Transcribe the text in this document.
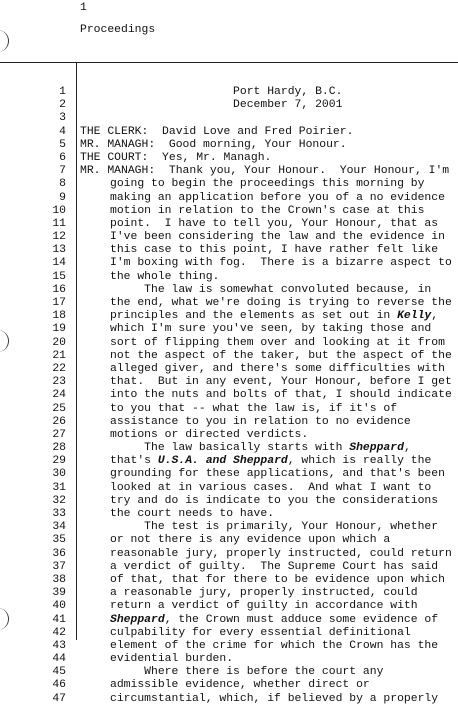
1
Proceedings
1	Port Hardy, B.C.
2	December 7, 2001
3
4 THE CLERK:  David Love and Fred Poirier.
5 MR. MANAGH:  Good morning, Your Honour.
6 THE COURT:  Yes, Mr. Managh.
7 MR. MANAGH:  Thank you, Your Honour.  Your Honour, I'm
8	going to begin the proceedings this morning by
9	making an application before you of a no evidence
10	motion in relation to the Crown's case at this
11	point.  I have to tell you, Your Honour, that as
12	I've been considering the law and the evidence in
13	this case to this point, I have rather felt like
14	I'm boxing with fog.  There is a bizarre aspect to
15	the whole thing.
16	The law is somewhat convoluted because, in
17	the end, what we're doing is trying to reverse the
18	principles and the elements as set out in Kelly,
19	which I'm sure you've seen, by taking those and
20	sort of flipping them over and looking at it from
21	not the aspect of the taker, but the aspect of the
22	alleged giver, and there's some difficulties with
23	that.  But in any event, Your Honour, before I get
24	into the nuts and bolts of that, I should indicate
25	to you that -- what the law is, if it's of
26	assistance to you in relation to no evidence
27	motions or directed verdicts.
28	The law basically starts with Sheppard,
29	that's U.S.A. and Sheppard, which is really the
30	grounding for these applications, and that's been
31	looked at in various cases.  And what I want to
32	try and do is indicate to you the considerations
33	the court needs to have.
34	The test is primarily, Your Honour, whether
35	or not there is any evidence upon which a
36	reasonable jury, properly instructed, could return
37	a verdict of guilty.  The Supreme Court has said
38	of that, that for there to be evidence upon which
39	a reasonable jury, properly instructed, could
40	return a verdict of guilty in accordance with
41	Sheppard, the Crown must adduce some evidence of
42	culpability for every essential definitional
43	element of the crime for which the Crown has the
44	evidential burden.
45	Where there is before the court any
46	admissible evidence, whether direct or
47	circumstantial, which, if believed by a properly
